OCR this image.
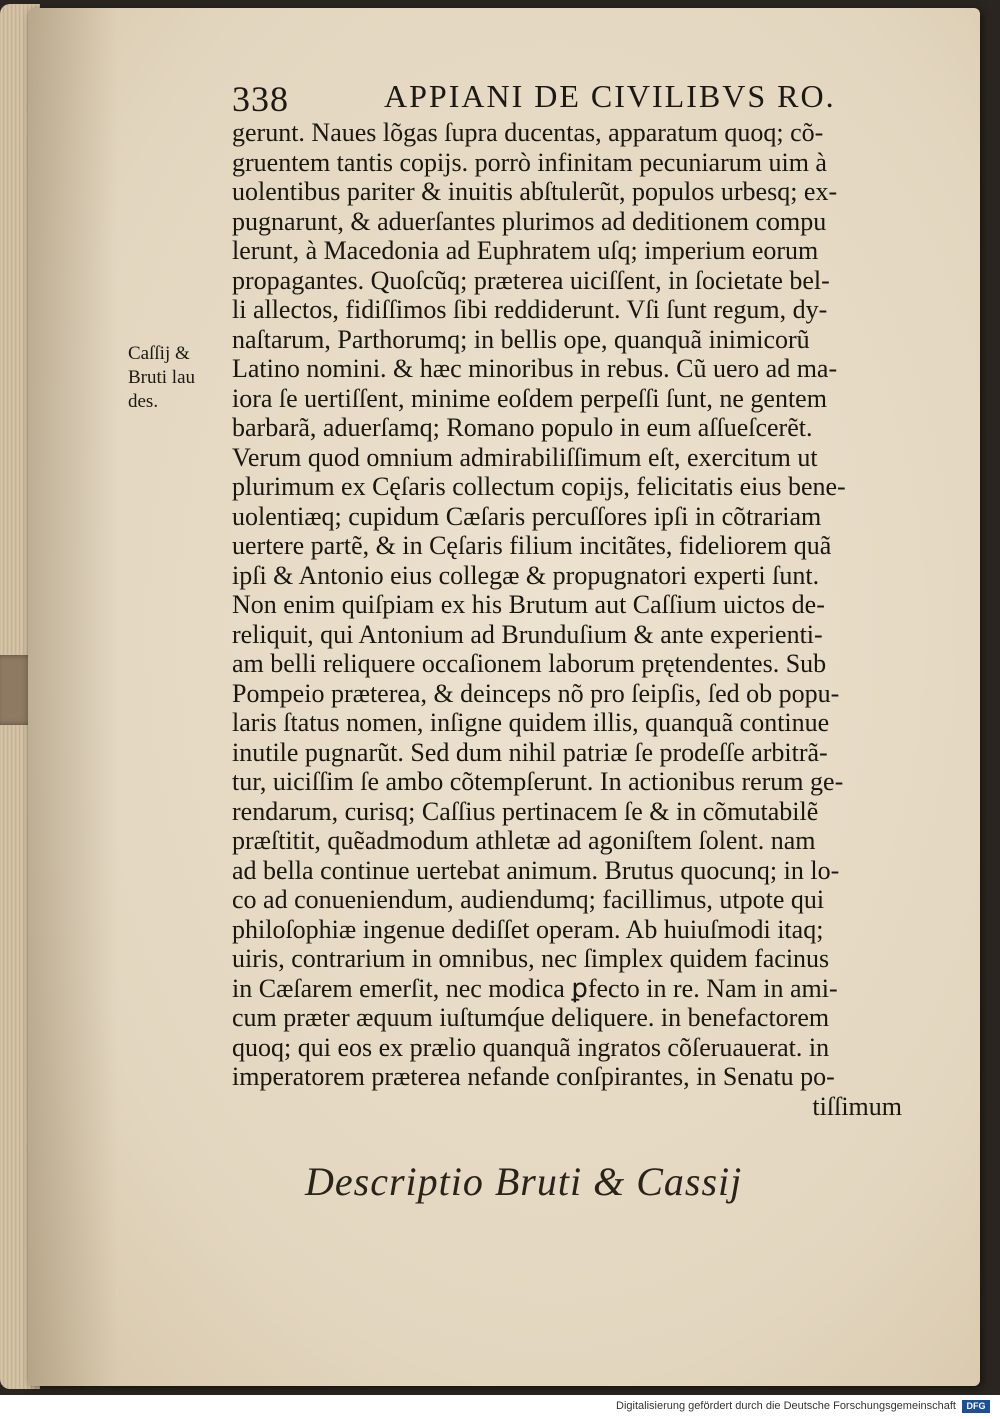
338	APPIANI DE CIVILIBVS RO.
Caſſij &
Bruti lau
des.
gerunt. Naues lõgas ſupra ducentas, apparatum quoq; cõ-
gruentem tantis copijs. porrò infinitam pecuniarum uim à
uolentibus pariter & inuitis abſtulerũt, populos urbesq; ex-
pugnarunt, & aduerſantes plurimos ad deditionem compu
lerunt, à Macedonia ad Euphratem uſq; imperium eorum
propagantes. Quoſcũq; præterea uiciſſent, in ſocietate bel-
li allectos, fidiſſimos ſibi reddiderunt. Vſi ſunt regum, dy-
naſtarum, Parthorumq; in bellis ope, quanquã inimicorũ
Latino nomini. & hæc minoribus in rebus. Cũ uero ad ma-
iora ſe uertiſſent, minime eoſdem perpeſſi ſunt, ne gentem
barbarã, aduerſamq; Romano populo in eum aſſueſcerẽt.
Verum quod omnium admirabiliſſimum eſt, exercitum ut
plurimum ex Cęſaris collectum copijs, felicitatis eius bene-
uolentiæq; cupidum Cæſaris percuſſores ipſi in cõtrariam
uertere partẽ, & in Cęſaris filium incitãtes, fideliorem quã
ipſi & Antonio eius collegæ & propugnatori experti ſunt.
Non enim quiſpiam ex his Brutum aut Caſſium uictos de-
reliquit, qui Antonium ad Brunduſium & ante experienti-
am belli reliquere occaſionem laborum prętendentes. Sub
Pompeio præterea, & deinceps nõ pro ſeipſis, ſed ob popu-
laris ſtatus nomen, inſigne quidem illis, quanquã continue
inutile pugnarũt. Sed dum nihil patriæ ſe prodeſſe arbitrã-
tur, uiciſſim ſe ambo cõtempſerunt. In actionibus rerum ge-
rendarum, curisq; Caſſius pertinacem ſe & in cõmutabilẽ
præſtitit, quẽadmodum athletæ ad agoniſtem ſolent. nam
ad bella continue uertebat animum. Brutus quocunq; in lo-
co ad conueniendum, audiendumq; facillimus, utpote qui
philoſophiæ ingenue dediſſet operam. Ab huiuſmodi itaq;
uiris, contrarium in omnibus, nec ſimplex quidem facinus
in Cæſarem emerſit, nec modica ꝑfecto in re. Nam in ami-
cum præter æquum iuſtumq́ue deliquere. in benefactorem
quoq; qui eos ex prælio quanquã ingratos cõſeruauerat. in
imperatorem præterea nefande conſpirantes, in Senatu po-
tiſſimum
Descriptio Bruti & Cassij
Digitalisierung gefördert durch die Deutsche Forschungsgemeinschaft	DFG
